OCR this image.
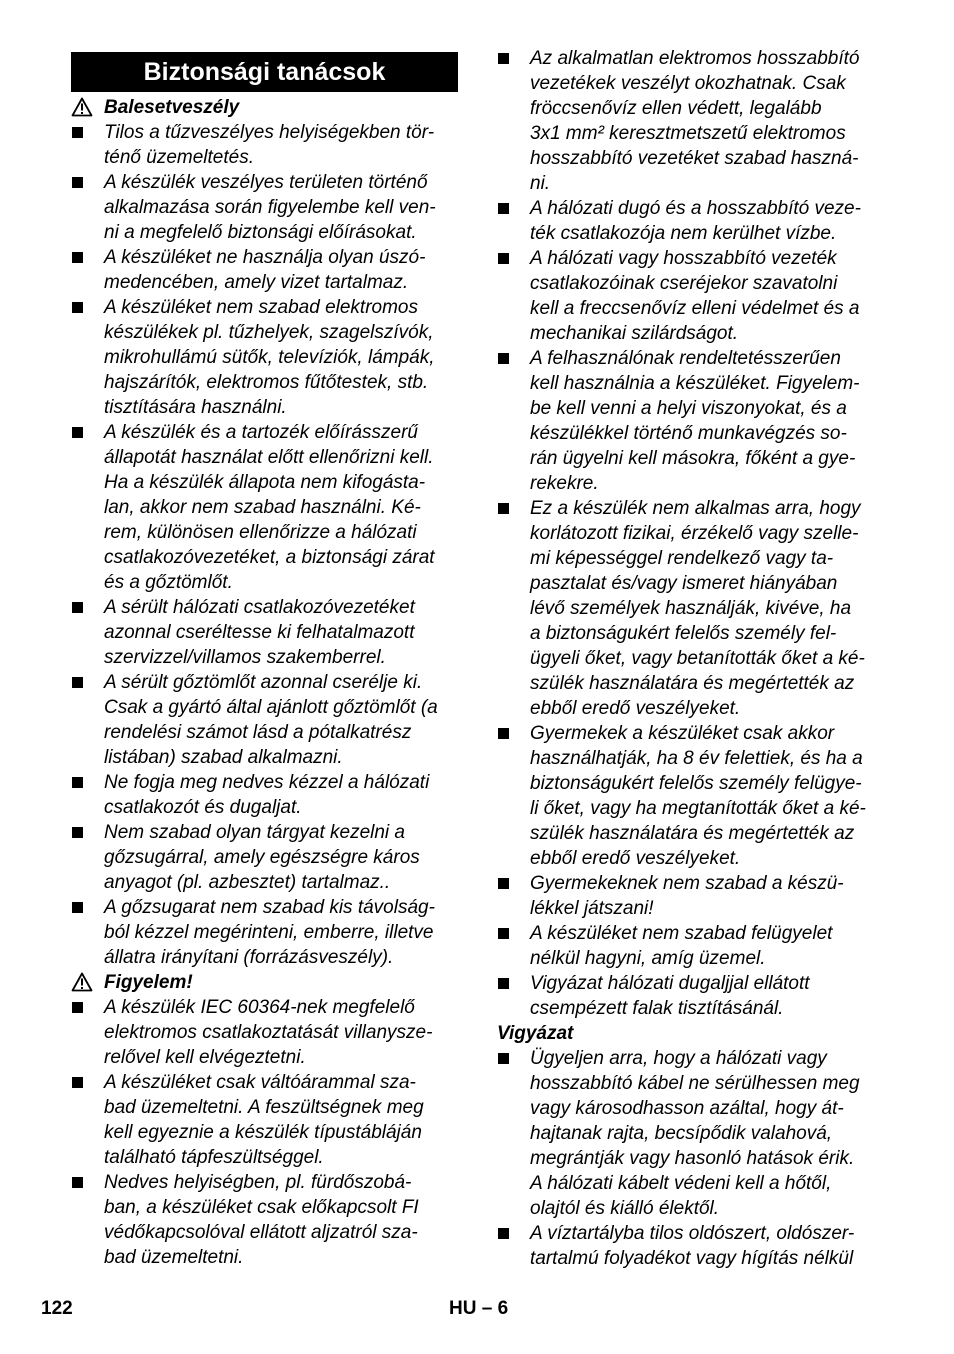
Biztonsági tanácsok
Balesetveszély
Tilos a tűzveszélyes helyiségekben tör-
ténő üzemeltetés.
A készülék veszélyes területen történő
alkalmazása során figyelembe kell ven-
ni a megfelelő biztonsági előírásokat.
A készüléket ne használja olyan úszó-
medencében, amely vizet tartalmaz.
A készüléket nem szabad elektromos
készülékek pl. tűzhelyek, szagelszívók,
mikrohullámú sütők, televíziók, lámpák,
hajszárítók, elektromos fűtőtestek, stb.
tisztítására használni.
A készülék és a tartozék előírásszerű
állapotát használat előtt ellenőrizni kell.
Ha a készülék állapota nem kifogásta-
lan, akkor nem szabad használni. Ké-
rem, különösen ellenőrizze a hálózati
csatlakozóvezetéket, a biztonsági zárat
és a gőztömlőt.
A sérült hálózati csatlakozóvezetéket
azonnal cseréltesse ki felhatalmazott
szervizzel/villamos szakemberrel.
A sérült gőztömlőt azonnal cserélje ki.
Csak a gyártó által ajánlott gőztömlőt (a
rendelési számot lásd a pótalkatrész
listában) szabad alkalmazni.
Ne fogja meg nedves kézzel a hálózati
csatlakozót és dugaljat.
Nem szabad olyan tárgyat kezelni a
gőzsugárral, amely egészségre káros
anyagot (pl. azbesztet) tartalmaz..
A gőzsugarat nem szabad kis távolság-
ból kézzel megérinteni, emberre, illetve
állatra irányítani (forrázásveszély).
Figyelem!
A készülék IEC 60364-nek megfelelő
elektromos csatlakoztatását villanysze-
relővel kell elvégeztetni.
A készüléket csak váltóárammal sza-
bad üzemeltetni. A feszültségnek meg
kell egyeznie a készülék típustábláján
található tápfeszültséggel.
Nedves helyiségben, pl. fürdőszobá-
ban, a készüléket csak előkapcsolt FI
védőkapcsolóval ellátott aljzatról sza-
bad üzemeltetni.
Az alkalmatlan elektromos hosszabbító
vezetékek veszélyt okozhatnak. Csak
fröccsenővíz ellen védett, legalább
3x1 mm² keresztmetszetű elektromos
hosszabbító vezetéket szabad haszná-
ni.
A hálózati dugó és a hosszabbító veze-
ték csatlakozója nem kerülhet vízbe.
A hálózati vagy hosszabbító vezeték
csatlakozóinak cseréjekor szavatolni
kell a freccsenővíz elleni védelmet és a
mechanikai szilárdságot.
A felhasználónak rendeltetésszerűen
kell használnia a készüléket. Figyelem-
be kell venni a helyi viszonyokat, és a
készülékkel történő munkavégzés so-
rán ügyelni kell másokra, főként a gye-
rekekre.
Ez a készülék nem alkalmas arra, hogy
korlátozott fizikai, érzékelő vagy szelle-
mi képességgel rendelkező vagy ta-
pasztalat és/vagy ismeret hiányában
lévő személyek használják, kivéve, ha
a biztonságukért felelős személy fel-
ügyeli őket, vagy betanították őket a ké-
szülék használatára és megértették az
ebből eredő veszélyeket.
Gyermekek a készüléket csak akkor
használhatják, ha 8 év felettiek, és ha a
biztonságukért felelős személy felügye-
li őket, vagy ha megtanították őket a ké-
szülék használatára és megértették az
ebből eredő veszélyeket.
Gyermekeknek nem szabad a készü-
lékkel játszani!
A készüléket nem szabad felügyelet
nélkül hagyni, amíg üzemel.
Vigyázat hálózati dugaljjal ellátott
csempézett falak tisztításánál.
Vigyázat
Ügyeljen arra, hogy a hálózati vagy
hosszabbító kábel ne sérülhessen meg
vagy károsodhasson azáltal, hogy át-
hajtanak rajta, becsípődik valahová,
megrántják vagy hasonló hatások érik.
A hálózati kábelt védeni kell a hőtől,
olajtól és kiálló élektől.
A víztartályba tilos oldószert, oldószer-
tartalmú folyadékot vagy hígítás nélkül
122	HU – 6
